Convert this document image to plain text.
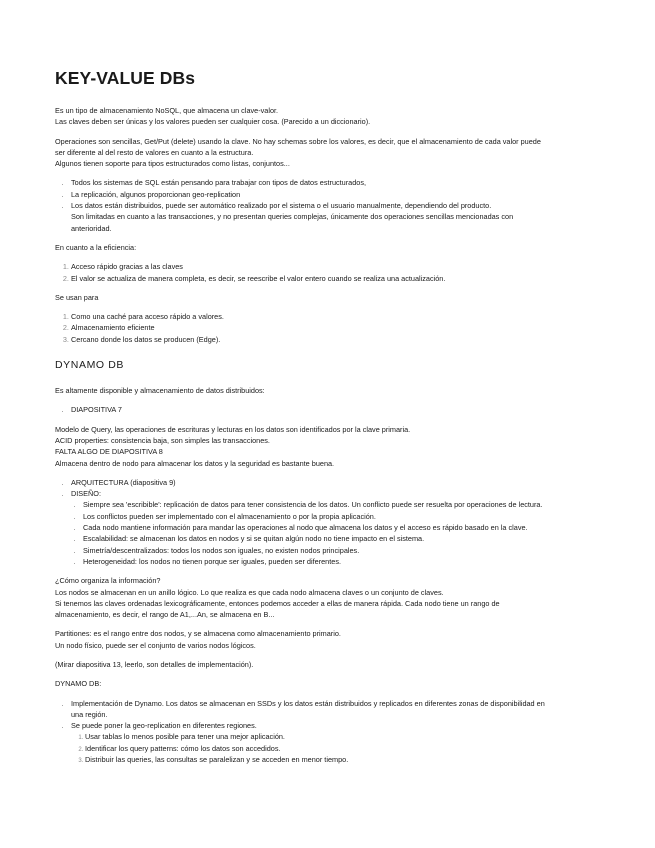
KEY-VALUE DBs

Es un tipo de almacenamiento NoSQL, que almacena un clave-valor.
Las claves deben ser únicas y los valores pueden ser cualquier cosa. (Parecido a un diccionario).

Operaciones son sencillas, Get/Put (delete) usando la clave. No hay schemas sobre los valores, es decir, que el almacenamiento de cada valor puede
ser diferente al del resto de valores en cuanto a la estructura.
Algunos tienen soporte para tipos estructurados como listas, conjuntos...

• Todos los sistemas de SQL están pensando para trabajar con tipos de datos estructurados,
• La replicación, algunos proporcionan geo-replication
• Los datos están distribuidos, puede ser automático realizado por el sistema o el usuario manualmente, dependiendo del producto.
Son limitadas en cuanto a las transacciones, y no presentan queries complejas, únicamente dos operaciones sencillas mencionadas con
anterioridad.

En cuanto a la eficiencia:

1. Acceso rápido gracias a las claves
2. El valor se actualiza de manera completa, es decir, se reescribe el valor entero cuando se realiza una actualización.

Se usan para

1. Como una caché para acceso rápido a valores.
2. Almacenamiento eficiente
3. Cercano donde los datos se producen (Edge).
DYNAMO DB

Es altamente disponible y almacenamiento de datos distribuidos:

• DIAPOSITIVA 7

Modelo de Query, las operaciones de escrituras y lecturas en los datos son identificados por la clave primaria.
ACID properties: consistencia baja, son simples las transacciones.
FALTA ALGO DE DIAPOSITIVA 8
Almacena dentro de nodo para almacenar los datos y la seguridad es bastante buena.

• ARQUITECTURA (diapositiva 9)
• DISEÑO:
• Siempre sea 'escribible': replicación de datos para tener consistencia de los datos. Un conflicto puede ser resuelta por operaciones de lectura.
• Los conflictos pueden ser implementado con el almacenamiento o por la propia aplicación.
• Cada nodo mantiene información para mandar las operaciones al nodo que almacena los datos y el acceso es rápido basado en la clave.
• Escalabilidad: se almacenan los datos en nodos y si se quitan algún nodo no tiene impacto en el sistema.
• Simetría/descentralizados: todos los nodos son iguales, no existen nodos principales.
• Heterogeneidad: los nodos no tienen porque ser iguales, pueden ser diferentes.

¿Cómo organiza la información?
Los nodos se almacenan en un anillo lógico. Lo que realiza es que cada nodo almacena claves o un conjunto de claves.
Si tenemos las claves ordenadas lexicográficamente, entonces podemos acceder a ellas de manera rápida. Cada nodo tiene un rango de
almacenamiento, es decir, el rango de A1,...An, se almacena en B...

Partitiones: es el rango entre dos nodos, y se almacena como almacenamiento primario.
Un nodo físico, puede ser el conjunto de varios nodos lógicos.

(Mirar diapositiva 13, leerlo, son detalles de implementación).

DYNAMO DB:

• Implementación de Dynamo. Los datos se almacenan en SSDs y los datos están distribuidos y replicados en diferentes zonas de disponibilidad en
una región.
• Se puede poner la geo-replication en diferentes regiones.
1. Usar tablas lo menos posible para tener una mejor aplicación.
2. Identificar los query patterns: cómo los datos son accedidos.
3. Distribuir las queries, las consultas se paralelizan y se acceden en menor tiempo.
